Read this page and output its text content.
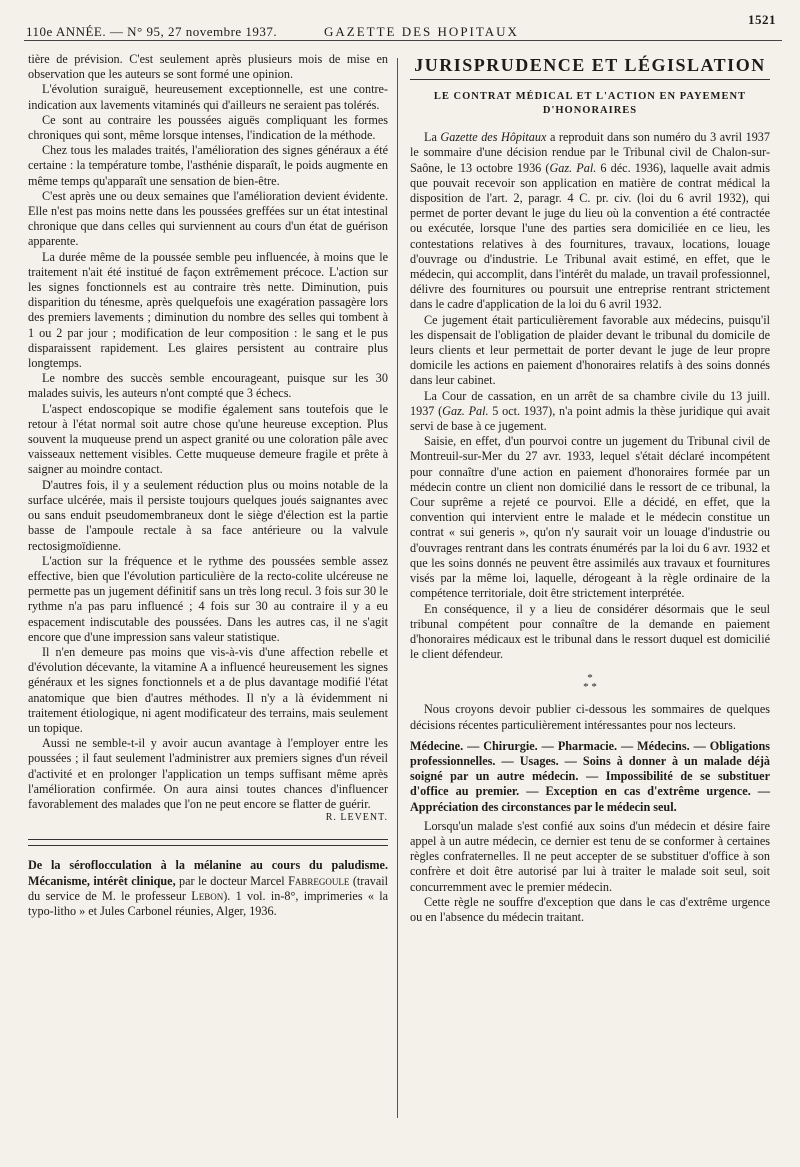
110e ANNÉE. — N° 95, 27 novembre 1937.	GAZETTE DES HOPITAUX
1521

tière de prévision. C'est seulement après plusieurs mois de mise en observation que les auteurs se sont formé une opinion.

L'évolution suraiguë, heureusement exceptionnelle, est une contre-indication aux lavements vitaminés qui d'ailleurs ne seraient pas tolérés.

Ce sont au contraire les poussées aiguës compliquant les formes chroniques qui sont, même lorsque intenses, l'indication de la méthode.

Chez tous les malades traités, l'amélioration des signes généraux a été certaine : la température tombe, l'asthénie disparaît, le poids augmente en même temps qu'apparaît une sensation de bien-être.

C'est après une ou deux semaines que l'amélioration devient évidente. Elle n'est pas moins nette dans les poussées greffées sur un état intestinal chronique que dans celles qui surviennent au cours d'un état de guérison apparente.

La durée même de la poussée semble peu influencée, à moins que le traitement n'ait été institué de façon extrêmement précoce. L'action sur les signes fonctionnels est au contraire très nette. Diminution, puis disparition du ténesme, après quelquefois une exagération passagère lors des premiers lavements ; diminution du nombre des selles qui tombent à 1 ou 2 par jour ; modification de leur composition : le sang et le pus disparaissent rapidement. Les glaires persistent au contraire plus longtemps.

Le nombre des succès semble encourageant, puisque sur les 30 malades suivis, les auteurs n'ont compté que 3 échecs.

L'aspect endoscopique se modifie également sans toutefois que le retour à l'état normal soit autre chose qu'une heureuse exception. Plus souvent la muqueuse prend un aspect granité ou une coloration pâle avec vaisseaux nettement visibles. Cette muqueuse demeure fragile et prête à saigner au moindre contact.

D'autres fois, il y a seulement réduction plus ou moins notable de la surface ulcérée, mais il persiste toujours quelques joués saignantes avec ou sans enduit pseudomembraneux dont le siège d'élection est la partie basse de l'ampoule rectale à sa face antérieure ou la valvule rectosigmoïdienne.

L'action sur la fréquence et le rythme des poussées semble assez effective, bien que l'évolution particulière de la recto-colite ulcéreuse ne permette pas un jugement définitif sans un très long recul. 3 fois sur 30 le rythme n'a pas paru influencé ; 4 fois sur 30 au contraire il y a eu espacement indiscutable des poussées. Dans les autres cas, il ne s'agit encore que d'une impression sans valeur statistique.

Il n'en demeure pas moins que vis-à-vis d'une affection rebelle et d'évolution décevante, la vitamine A a influencé heureusement les signes généraux et les signes fonctionnels et a de plus davantage modifié l'état anatomique que bien d'autres méthodes. Il n'y a là évidemment ni traitement étiologique, ni agent modificateur des terrains, mais seulement un topique.

Aussi ne semble-t-il y avoir aucun avantage à l'employer entre les poussées ; il faut seulement l'administrer aux premiers signes d'un réveil d'activité et en prolonger l'application un temps suffisant même après l'amélioration confirmée. On aura ainsi toutes chances d'influencer favorablement des malades que l'on ne peut encore se flatter de guérir.

R. LEVENT.

De la séroflocculation à la mélanine au cours du paludisme. Mécanisme, intérêt clinique, par le docteur Marcel Fabregoule (travail du service de M. le professeur Lebon). 1 vol. in-8°, imprimeries « la typo-litho » et Jules Carbonel réunies, Alger, 1936.

JURISPRUDENCE ET LÉGISLATION
LE CONTRAT MÉDICAL ET L'ACTION EN PAYEMENT D'HONORAIRES

La Gazette des Hôpitaux a reproduit dans son numéro du 3 avril 1937 le sommaire d'une décision rendue par le Tribunal civil de Chalon-sur-Saône, le 13 octobre 1936 (Gaz. Pal. 6 déc. 1936), laquelle avait admis que pouvait recevoir son application en matière de contrat médical la disposition de l'art. 2, paragr. 4 C. pr. civ. (loi du 6 avril 1932), qui permet de porter devant le juge du lieu où la convention a été contractée ou exécutée, lorsque l'une des parties sera domiciliée en ce lieu, les contestations relatives à des fournitures, travaux, locations, louage d'ouvrage ou d'industrie. Le Tribunal avait estimé, en effet, que le médecin, qui accomplit, dans l'intérêt du malade, un travail professionnel, délivre des fournitures ou poursuit une entreprise rentrant strictement dans le cadre d'application de la loi du 6 avril 1932.

Ce jugement était particulièrement favorable aux médecins, puisqu'il les dispensait de l'obligation de plaider devant le tribunal du domicile de leurs clients et leur permettait de porter devant le juge de leur propre domicile les actions en paiement d'honoraires relatifs à des soins donnés dans leur cabinet.

La Cour de cassation, en un arrêt de sa chambre civile du 13 juill. 1937 (Gaz. Pal. 5 oct. 1937), n'a point admis la thèse juridique qui avait servi de base à ce jugement.

Saisie, en effet, d'un pourvoi contre un jugement du Tribunal civil de Montreuil-sur-Mer du 27 avr. 1933, lequel s'était déclaré incompétent pour connaître d'une action en paiement d'honoraires formée par un médecin contre un client non domicilié dans le ressort de ce tribunal, la Cour suprême a rejeté ce pourvoi. Elle a décidé, en effet, que la convention qui intervient entre le malade et le médecin constitue un contrat « sui generis », qu'on n'y saurait voir un louage d'industrie ou d'ouvrages rentrant dans les contrats énumérés par la loi du 6 avr. 1932 et que les soins donnés ne peuvent être assimilés aux travaux et fournitures visés par la même loi, laquelle, dérogeant à la règle ordinaire de la compétence territoriale, doit être strictement interprétée.

En conséquence, il y a lieu de considérer désormais que le seul tribunal compétent pour connaître de la demande en paiement d'honoraires médicaux est le tribunal dans le ressort duquel est domicilié le client défendeur.

*
* *

Nous croyons devoir publier ci-dessous les sommaires de quelques décisions récentes particulièrement intéressantes pour nos lecteurs.

Médecine. — Chirurgie. — Pharmacie. — Médecins. — Obligations professionnelles. — Usages. — Soins à donner à un malade déjà soigné par un autre médecin. — Impossibilité de se substituer d'office au premier. — Exception en cas d'extrême urgence. — Appréciation des circonstances par le médecin seul.

Lorsqu'un malade s'est confié aux soins d'un médecin et désire faire appel à un autre médecin, ce dernier est tenu de se conformer à certaines règles confraternelles. Il ne peut accepter de se substituer d'office à son confrère et doit être autorisé par lui à traiter le malade soit seul, soit concurremment avec le premier médecin.

Cette règle ne souffre d'exception que dans le cas d'extrême urgence ou en l'absence du médecin traitant.
